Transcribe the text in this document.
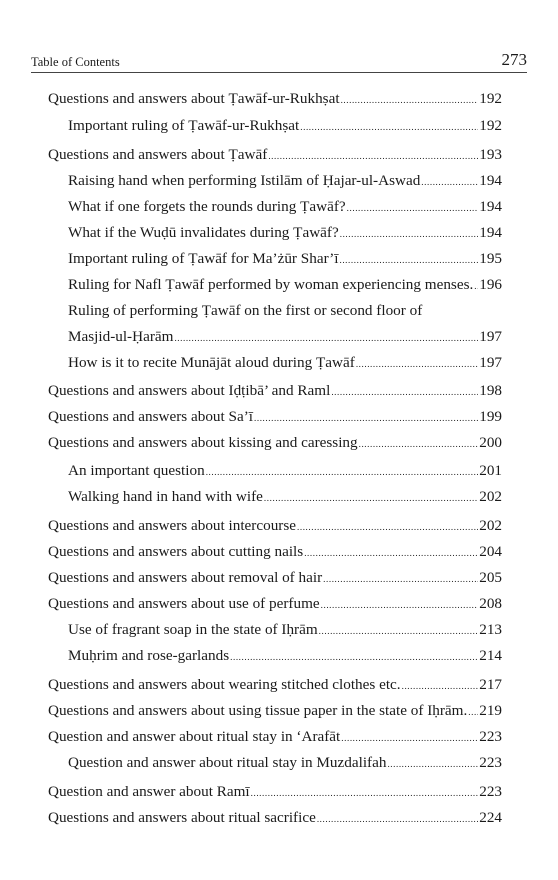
Table of Contents	273
Questions and answers about Ṭawāf-ur-Rukhṣat .....	192
Important ruling of Ṭawāf-ur-Rukhṣat .....	192
Questions and answers about Ṭawāf .....	193
Raising hand when performing Istilām of Ḥajar-ul-Aswad .....	194
What if one forgets the rounds during Ṭawāf? .....	194
What if the Wuḍū invalidates during Ṭawāf? .....	194
Important ruling of Ṭawāf for Ma’żūr Shar’ī .....	195
Ruling for Nafl Ṭawāf performed by woman experiencing menses. ..... 196
Ruling of performing Ṭawāf on the first or second floor of
Masjid-ul-Ḥarām .....	197
How is it to recite Munājāt aloud during Ṭawāf .....	197
Questions and answers about Iḍṭibā’ and Raml .....	198
Questions and answers about Sa’ī .....	199
Questions and answers about kissing and caressing .....	200
An important question .....	201
Walking hand in hand with wife .....	202
Questions and answers about intercourse .....	202
Questions and answers about cutting nails .....	204
Questions and answers about removal of hair .....	205
Questions and answers about use of perfume .....	208
Use of fragrant soap in the state of Iḥrām .....	213
Muḥrim and rose-garlands .....	214
Questions and answers about wearing stitched clothes etc. .....	217
Questions and answers about using tissue paper in the state of Iḥrām. ..... 219
Question and answer about ritual stay in ‘Arafāt .....	223
Question and answer about ritual stay in Muzdalifah .....	223
Question and answer about Ramī .....	223
Questions and answers about ritual sacrifice .....	224
